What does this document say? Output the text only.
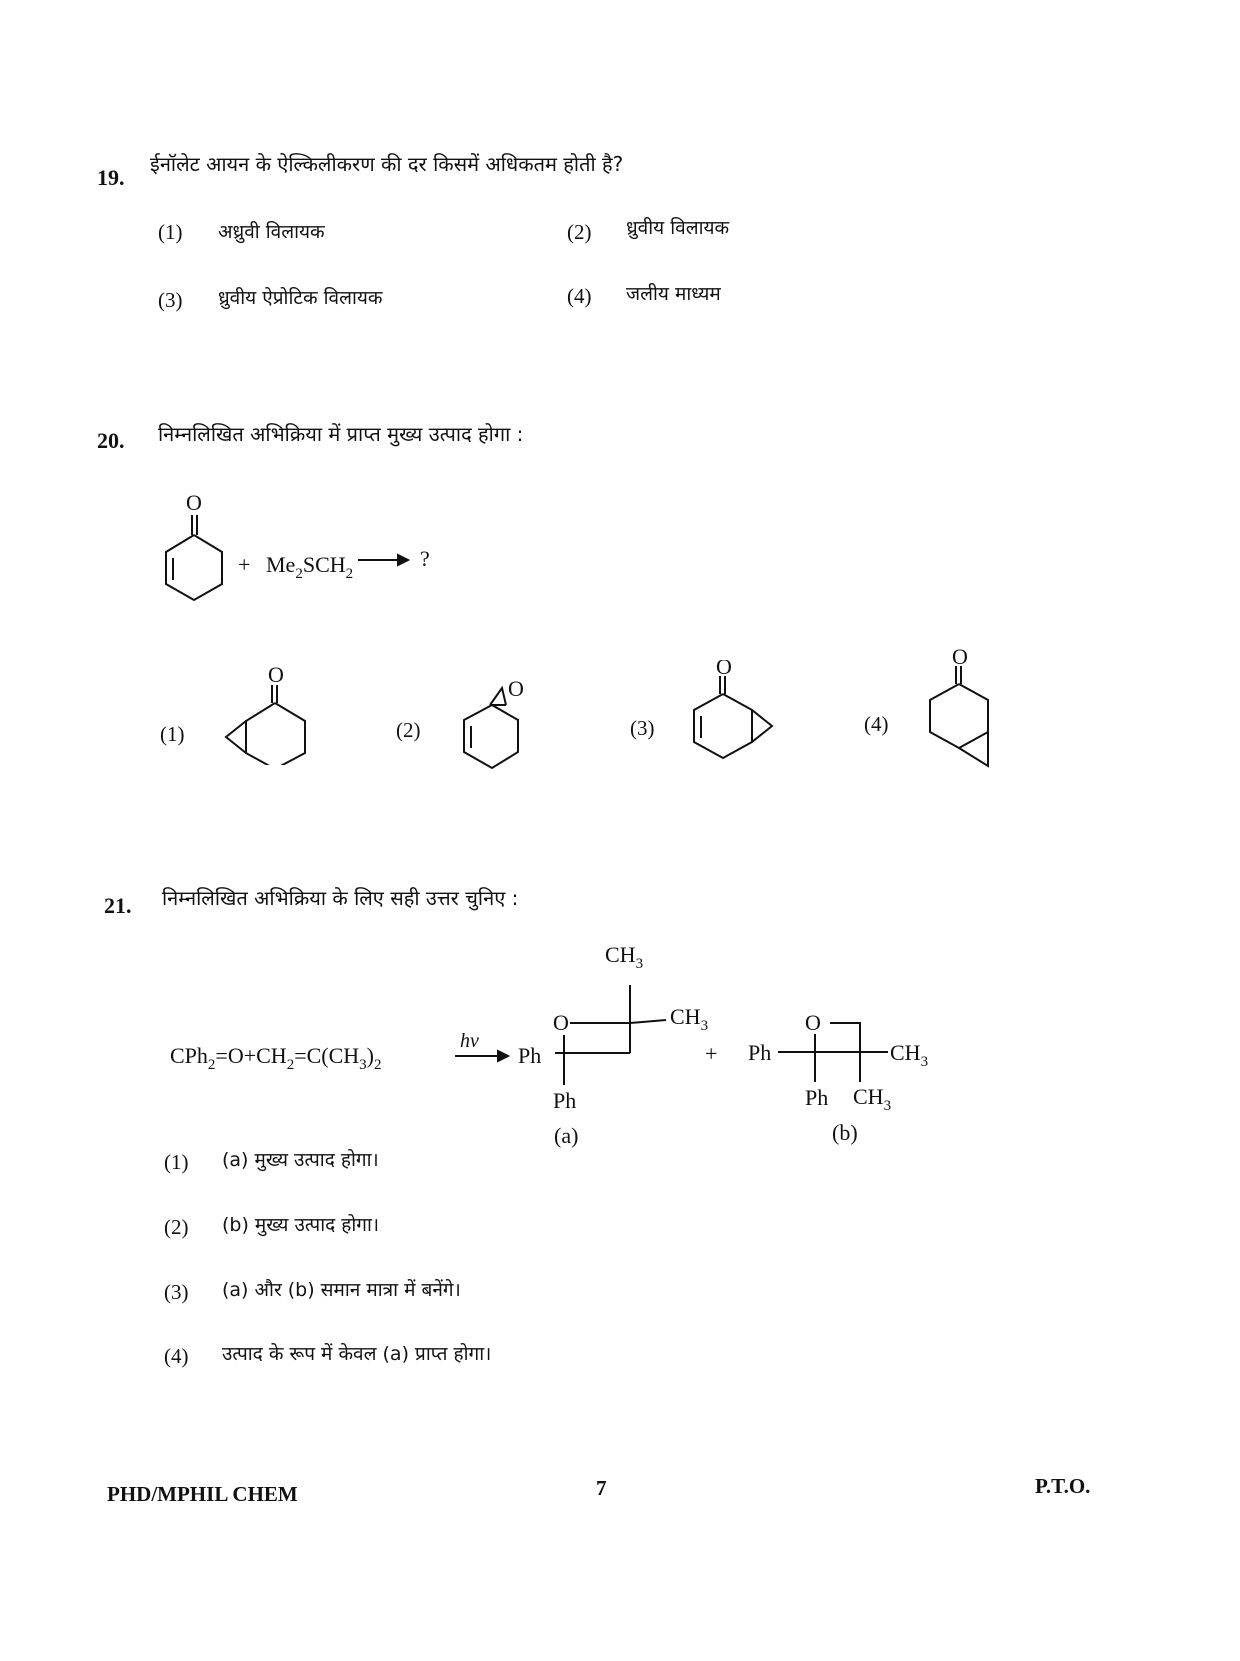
19.
ईनॉलेट आयन के ऐल्किलीकरण की दर किसमें अधिकतम होती है?
(1) अध्रुवी विलायक	(2) ध्रुवीय विलायक
(3) ध्रुवीय ऐप्रोटिक विलायक	(4) जलीय माध्यम
20. निम्नलिखित अभिक्रिया में प्राप्त मुख्य उत्पाद होगा :
O
+ $Me_2SCH_2$
?
(1)
O
(2)
O
(3)
O
(4)
O
21. निम्नलिखित अभिक्रिया के लिए सही उत्तर चुनिए :
$CPh_2=O+CH_2=C(CH_3)_2$
hν
Ph
$CH_3$
O	$CH_3$
Ph
(a)
+ Ph
O
$CH_3$
Ph $CH_3$
(b)
(1) (a) मुख्य उत्पाद होगा।
(2) (b) मुख्य उत्पाद होगा।
(3) (a) और (b) समान मात्रा में बनेंगे।
(4) उत्पाद के रूप में केवल (a) प्राप्त होगा।
PHD/MPHIL CHEM	7	P.T.O.
